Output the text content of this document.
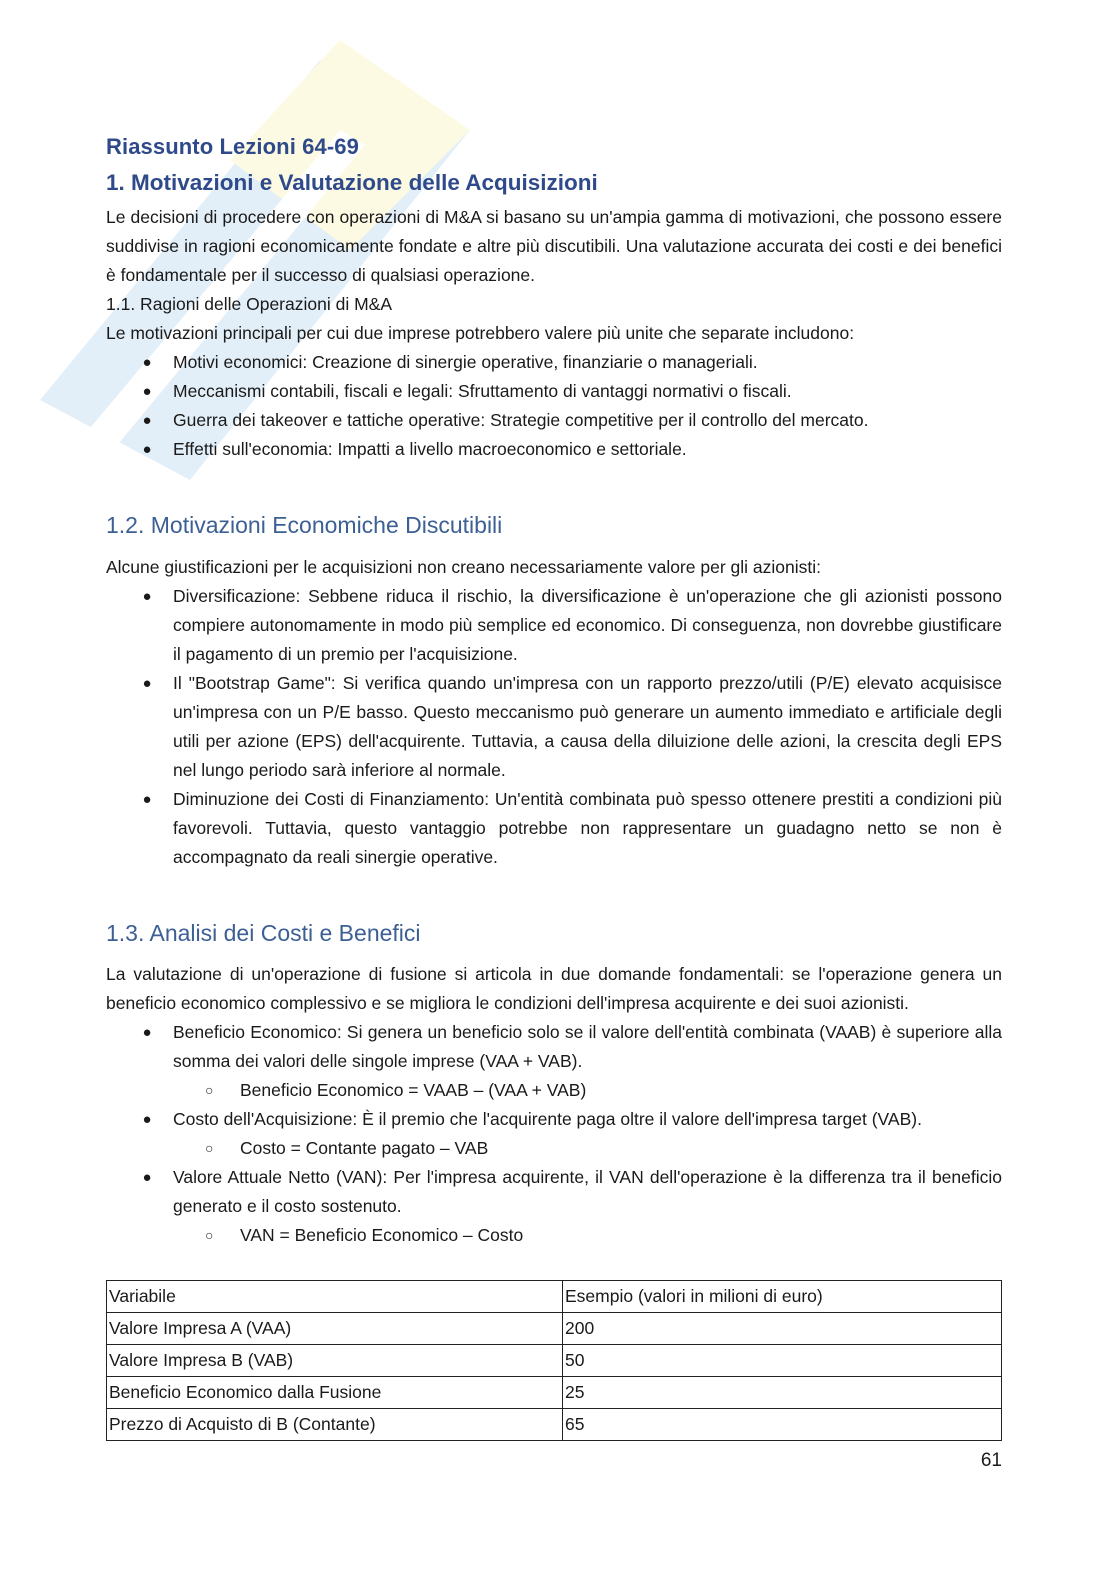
Riassunto Lezioni 64-69
1. Motivazioni e Valutazione delle Acquisizioni

Le decisioni di procedere con operazioni di M&A si basano su un'ampia gamma di motivazioni, che possono essere suddivise in ragioni economicamente fondate e altre più discutibili. Una valutazione accurata dei costi e dei benefici è fondamentale per il successo di qualsiasi operazione.

1.1. Ragioni delle Operazioni di M&A

Le motivazioni principali per cui due imprese potrebbero valere più unite che separate includono:

● Motivi economici: Creazione di sinergie operative, finanziarie o manageriali.
● Meccanismi contabili, fiscali e legali: Sfruttamento di vantaggi normativi o fiscali.
● Guerra dei takeover e tattiche operative: Strategie competitive per il controllo del mercato.
● Effetti sull'economia: Impatti a livello macroeconomico e settoriale.
1.2. Motivazioni Economiche Discutibili

Alcune giustificazioni per le acquisizioni non creano necessariamente valore per gli azionisti:

● Diversificazione: Sebbene riduca il rischio, la diversificazione è un'operazione che gli azionisti possono compiere autonomamente in modo più semplice ed economico. Di conseguenza, non dovrebbe giustificare il pagamento di un premio per l'acquisizione.
● Il "Bootstrap Game": Si verifica quando un'impresa con un rapporto prezzo/utili (P/E) elevato acquisisce un'impresa con un P/E basso. Questo meccanismo può generare un aumento immediato e artificiale degli utili per azione (EPS) dell'acquirente. Tuttavia, a causa della diluizione delle azioni, la crescita degli EPS nel lungo periodo sarà inferiore al normale.
● Diminuzione dei Costi di Finanziamento: Un'entità combinata può spesso ottenere prestiti a condizioni più favorevoli. Tuttavia, questo vantaggio potrebbe non rappresentare un guadagno netto se non è accompagnato da reali sinergie operative.
1.3. Analisi dei Costi e Benefici

La valutazione di un'operazione di fusione si articola in due domande fondamentali: se l'operazione genera un beneficio economico complessivo e se migliora le condizioni dell'impresa acquirente e dei suoi azionisti.

● Beneficio Economico: Si genera un beneficio solo se il valore dell'entità combinata (VAAB) è superiore alla somma dei valori delle singole imprese (VAA + VAB).
○ Beneficio Economico = VAAB – (VAA + VAB)
● Costo dell'Acquisizione: È il premio che l'acquirente paga oltre il valore dell'impresa target (VAB).
○ Costo = Contante pagato – VAB
● Valore Attuale Netto (VAN): Per l'impresa acquirente, il VAN dell'operazione è la differenza tra il beneficio generato e il costo sostenuto.
○ VAN = Beneficio Economico – Costo
Variabile	Esempio (valori in milioni di euro)
Valore Impresa A (VAA)	200
Valore Impresa B (VAB)	50
Beneficio Economico dalla Fusione	25
Prezzo di Acquisto di B (Contante)	65
61
